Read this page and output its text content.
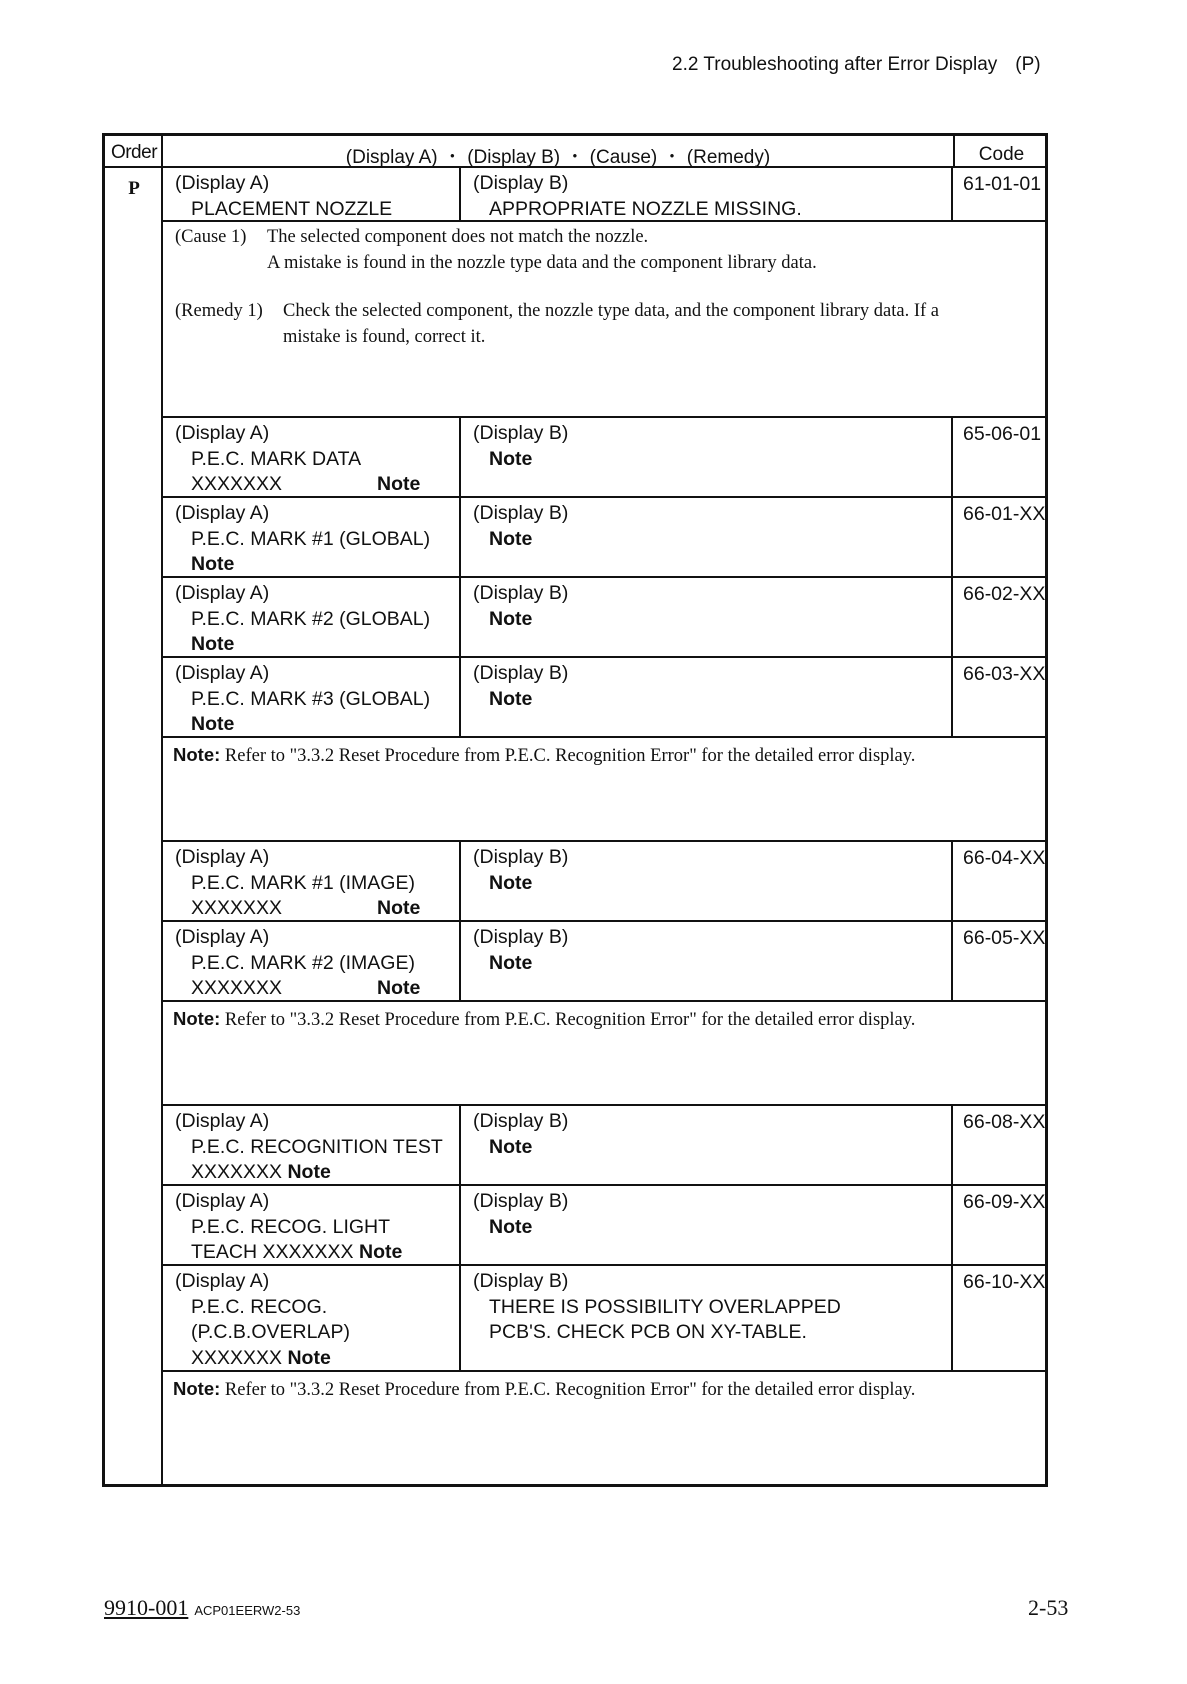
2.2 Troubleshooting after Error Display (P)
P
Order	(Display A) ・ (Display B) ・ (Cause) ・ (Remedy)	Code
(Display A)
PLACEMENT NOZZLE
(Display B)
APPROPRIATE NOZZLE MISSING.
61-01-01
(Cause 1)	The selected component does not match the nozzle.
A mistake is found in the nozzle type data and the component library data.
(Remedy 1)	Check the selected component, the nozzle type data, and the component library data. If a
mistake is found, correct it.
(Display A)
P.E.C. MARK DATA
XXXXXXX	Note
(Display B)
Note
65-06-01
(Display A)
P.E.C. MARK #1 (GLOBAL)
Note
(Display B)
Note
66-01-XX
(Display A)
P.E.C. MARK #2 (GLOBAL)
Note
(Display B)
Note
66-02-XX
(Display A)
P.E.C. MARK #3 (GLOBAL)
Note
(Display B)
Note
66-03-XX
Note: Refer to "3.3.2 Reset Procedure from P.E.C. Recognition Error" for the detailed error display.
(Display A)
P.E.C. MARK #1 (IMAGE)
XXXXXXX	Note
(Display B)
Note
66-04-XX
(Display A)
P.E.C. MARK #2 (IMAGE)
XXXXXXX	Note
(Display B)
Note
66-05-XX
Note: Refer to "3.3.2 Reset Procedure from P.E.C. Recognition Error" for the detailed error display.
(Display A)
P.E.C. RECOGNITION TEST
XXXXXXX Note
(Display B)
Note
66-08-XX
(Display A)
P.E.C. RECOG. LIGHT
TEACH XXXXXXX Note
(Display B)
Note
66-09-XX
(Display A)
P.E.C. RECOG.
(P.C.B.OVERLAP)
XXXXXXX Note
(Display B)
THERE IS POSSIBILITY OVERLAPPED
PCB'S. CHECK PCB ON XY-TABLE.
66-10-XX
Note: Refer to "3.3.2 Reset Procedure from P.E.C. Recognition Error" for the detailed error display.
9910-001 ACP01EERW2-53	2-53
